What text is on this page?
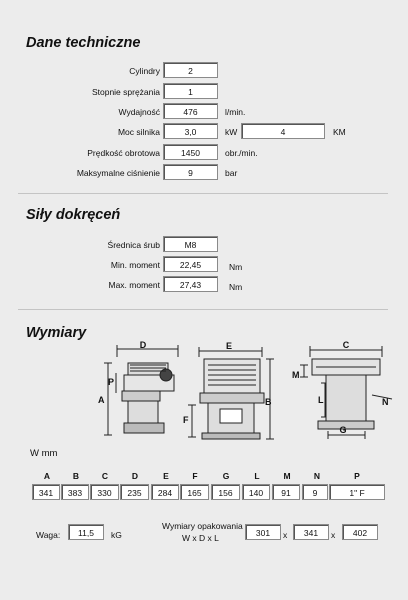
Dane techniczne
Cylindry	2
Stopnie sprężania	1
Wydajność	476	l/min.
Moc silnika	3,0	kW	4	KM
Prędkość obrotowa	1450	obr./min.
Maksymalne ciśnienie	9	bar
Siły dokręceń
Średnica śrub	M8
Min. moment	22,45	Nm
Max. moment	27,43	Nm
Wymiary
D
A
P
E
B
F
C
M
L
G
N
W mm
A	B	C	D	E	F	G	L	M	N	P
341	383	330	235	284	165	156	140	91	9	1" F
Waga:	11,5	kG
Wymiary opakowania
W x D x L	301	x	341	x	402
